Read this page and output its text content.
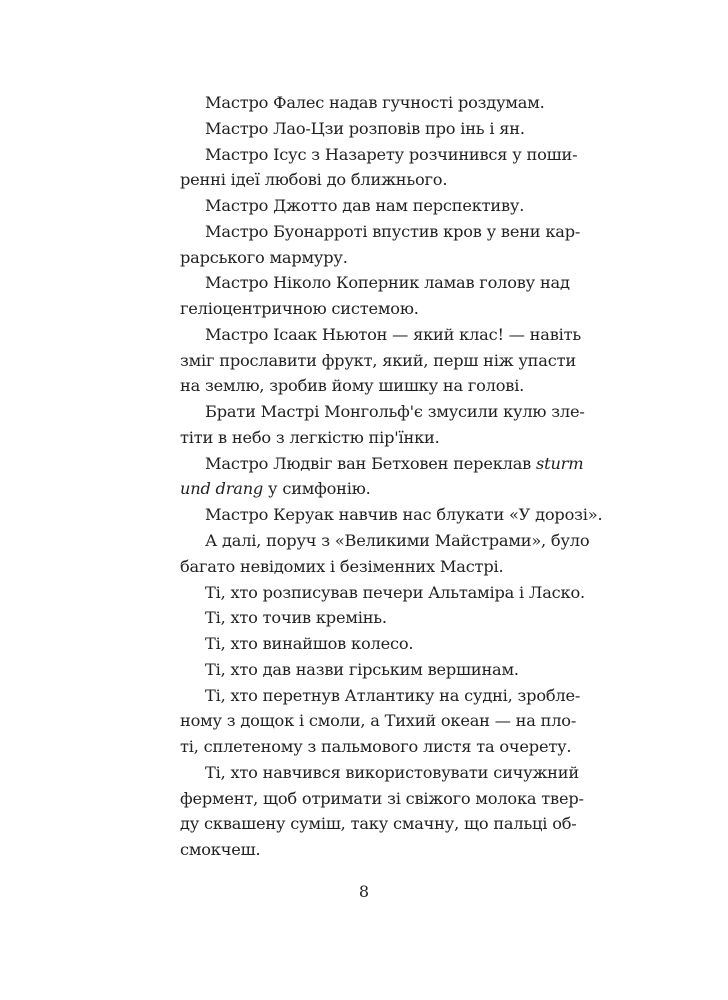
Мастро Фалес надав гучності роздумам.
Мастро Лао-Цзи розповів про інь і ян.
Мастро Ісус з Назарету розчинився у поши-
ренні ідеї любові до ближнього.
Мастро Джотто дав нам перспективу.
Мастро Буонарроті впустив кров у вени кар-
рарського мармуру.
Мастро Ніколо Коперник ламав голову над
геліоцентричною системою.
Мастро Ісаак Ньютон — який клас! — навіть
зміг прославити фрукт, який, перш ніж упасти
на землю, зробив йому шишку на голові.
Брати Мастрі Монгольф'є змусили кулю зле-
тіти в небо з легкістю пір'їнки.
Мастро Людвіг ван Бетховен переклав sturm
und drang у симфонію.
Мастро Керуак навчив нас блукати «У дорозі».
А далі, поруч з «Великими Майстрами», було
багато невідомих і безіменних Мастрі.
Ті, хто розписував печери Альтаміра і Ласко.
Ті, хто точив кремінь.
Ті, хто винайшов колесо.
Ті, хто дав назви гірським вершинам.
Ті, хто перетнув Атлантику на судні, зробле-
ному з дощок і смоли, а Тихий океан — на пло-
ті, сплетеному з пальмового листя та очерету.
Ті, хто навчився використовувати сичужний
фермент, щоб отримати зі свіжого молока твер-
ду сквашену суміш, таку смачну, що пальці об-
смокчеш.
8
